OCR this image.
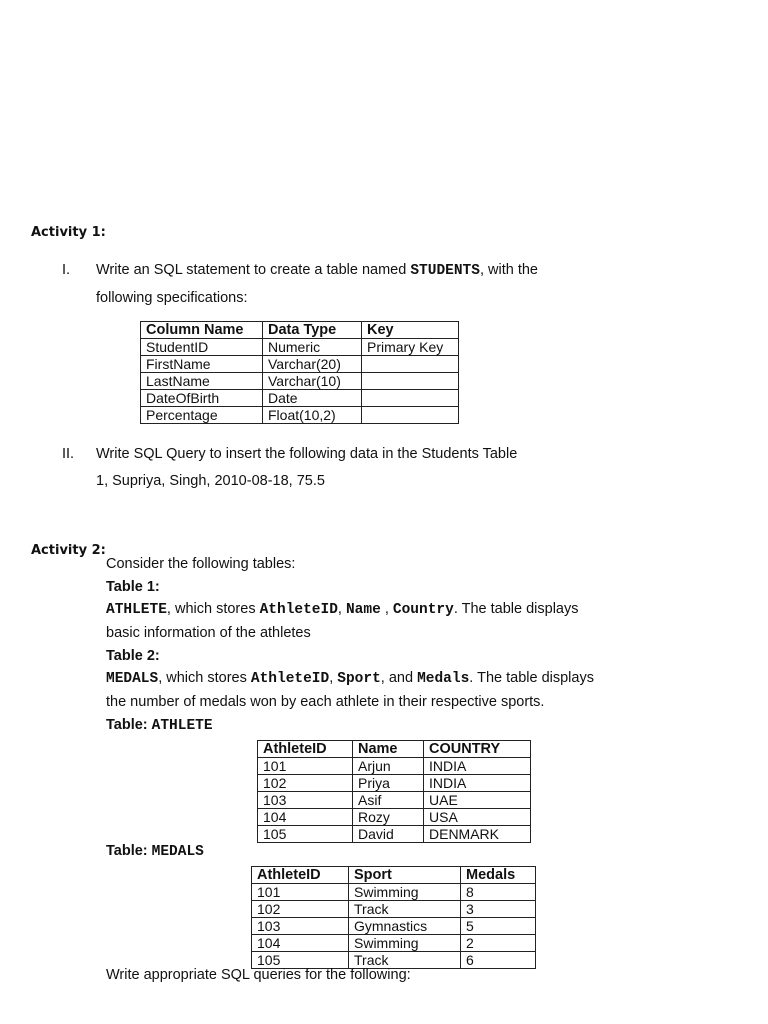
Activity 1:
I. Write an SQL statement to create a table named STUDENTS, with the
following specifications:
Column Name	Data Type	Key
StudentID	Numeric	Primary Key
FirstName	Varchar(20)	
LastName	Varchar(10)	
DateOfBirth	Date	
Percentage	Float(10,2)	
II. Write SQL Query to insert the following data in the Students Table
1, Supriya, Singh, 2010-08-18, 75.5
Activity 2:
Consider the following tables:
Table 1:
ATHLETE, which stores AthleteID, Name , Country. The table displays
basic information of the athletes
Table 2:
MEDALS, which stores AthleteID, Sport, and Medals. The table displays
the number of medals won by each athlete in their respective sports.
Table: ATHLETE
AthleteID	Name	COUNTRY
101	Arjun	INDIA
102	Priya	INDIA
103	Asif	UAE
104	Rozy	USA
105	David	DENMARK
Table: MEDALS
AthleteID	Sport	Medals
101	Swimming	8
102	Track	3
103	Gymnastics	5
104	Swimming	2
105	Track	6
Write appropriate SQL queries for the following:
